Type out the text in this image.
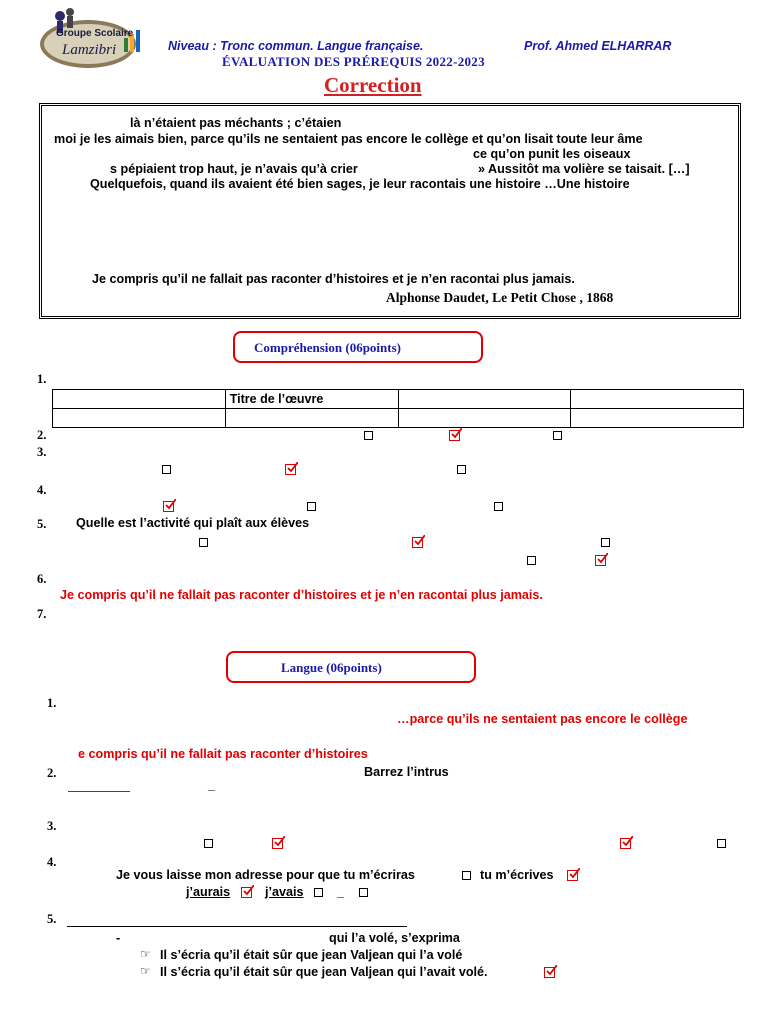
Groupe Scolaire
Lamzibri	Niveau : Tronc commun. Langue française.	Prof. Ahmed ELHARRAR
ÉVALUATION DES PRÉREQUIS 2022-2023
Correction
là n’étaient pas méchants ; c’étaien
moi je les aimais bien, parce qu’ils ne sentaient pas encore le collège et qu’on lisait toute leur âme
ce qu’on punit les oiseaux
s pépiaient trop haut, je n’avais qu’à crier	» Aussitôt ma volière se taisait. […]
Quelquefois, quand ils avaient été bien sages, je leur racontais une histoire …Une histoire
Je compris qu’il ne fallait pas raconter d’histoires et je n’en racontai plus jamais.
Alphonse Daudet, Le Petit Chose , 1868
Compréhension (06points)
1.
	Titre de l’œuvre		

2.
3.
4.
5. Quelle est l’activité qui plaît aux élèves
6.
Je compris qu’il ne fallait pas raconter d’histoires et je n’en racontai plus jamais.
7.
Langue (06points)
1.
…parce qu’ils ne sentaient pas encore le collège
e compris qu’il ne fallait pas raconter d’histoires
2.	Barrez l’intrus
_
3.
4.
Je vous laisse mon adresse pour que tu m’écriras	tu m’écrives
j’aurais	j’avais	_
5.
-	qui l’a volé, s’exprima
☞ Il s’écria qu’il était sûr que jean Valjean qui l’a volé
☞ Il s’écria qu’il était sûr que jean Valjean qui l’avait volé.
